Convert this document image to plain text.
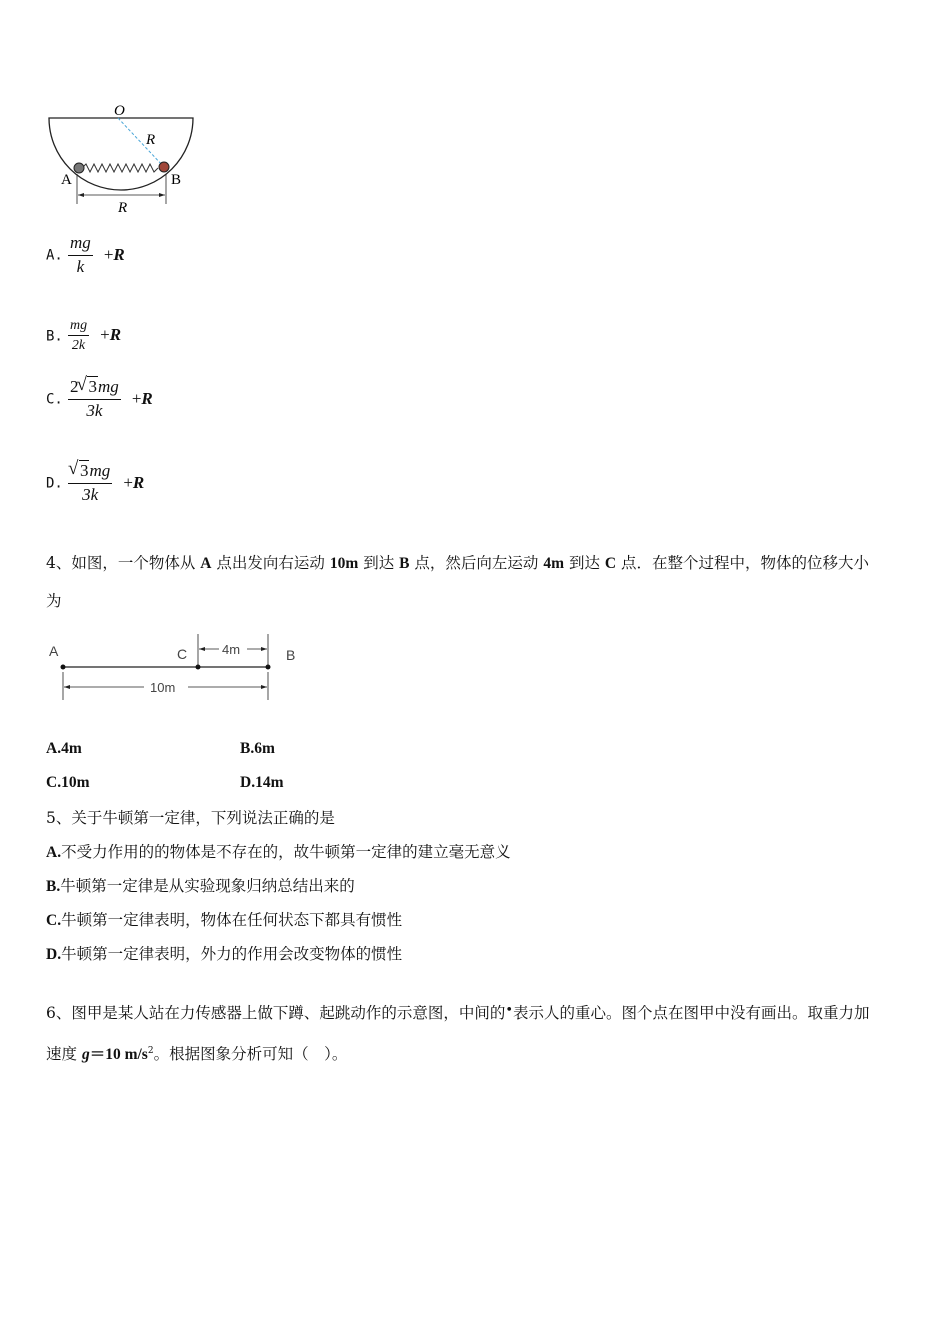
O
R
A	B
R
A. $\frac{mg}{k} +R$
B. $\frac{mg}{2k} +R$
C. $\frac{2 √ 3mg}{3k} +R$
D. √ $\frac{3mg}{3k} +R$
4、如图，一个物体从 A 点出发向右运动 10m 到达 B 点，然后向左运动 4m 到达 C 点．在整个过程中，物体的位移大小
为
A	C	B
4m
10m
A.4m	B.6m
C.10m	D.14m
5、关于牛顿第一定律，下列说法正确的是
A.不受力作用的的物体是不存在的，故牛顿第一定律的建立毫无意义
B.牛顿第一定律是从实验现象归纳总结出来的
C.牛顿第一定律表明，物体在任何状态下都具有惯性
D.牛顿第一定律表明，外力的作用会改变物体的惯性
6、图甲是某人站在力传感器上做下蹲、起跳动作的示意图，中间的•表示人的重心。图个点在图甲中没有画出。取重力加
速度 g＝10 $m/s^2$。根据图象分析可知（　）。
